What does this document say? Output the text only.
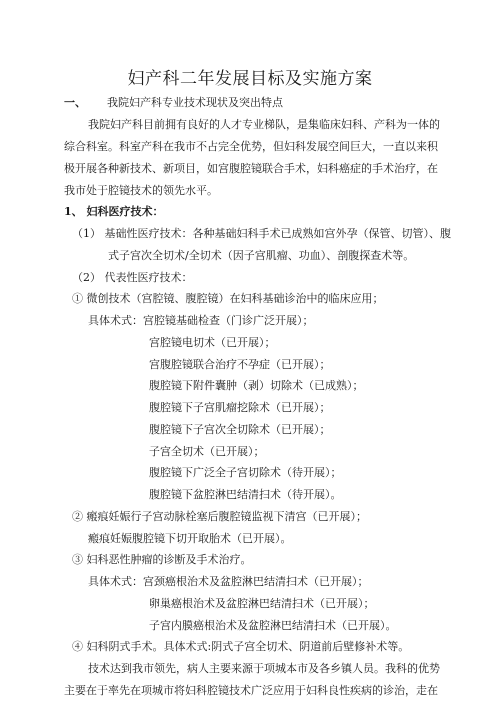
妇产科二年发展目标及实施方案
一、 我院妇产科专业技术现状及突出特点
我院妇产科目前拥有良好的人才专业梯队，是集临床妇科、产科为一体的
综合科室。科室产科在我市不占完全优势，但妇科发展空间巨大，一直以来积
极开展各种新技术、新项目，如宫腹腔镜联合手术，妇科癌症的手术治疗，在
我市处于腔镜技术的领先水平。
1、 妇科医疗技术：
（1） 基础性医疗技术：各种基础妇科手术已成熟如宫外孕（保管、切管）、腹
式子宫次全切术/全切术（因子宫肌瘤、功血）、剖腹探查术等。
（2） 代表性医疗技术：
① 微创技术（宫腔镜、腹腔镜）在妇科基础诊治中的临床应用；
具体术式：宫腔镜基础检查（门诊广泛开展）；
宫腔镜电切术（已开展）；
宫腹腔镜联合治疗不孕症（已开展）；
腹腔镜下附件囊肿（剥）切除术（已成熟）；
腹腔镜下子宫肌瘤挖除术（已开展）；
腹腔镜下子宫次全切除术（已开展）；
子宫全切术（已开展）；
腹腔镜下广泛全子宫切除术（待开展）；
腹腔镜下盆腔淋巴结清扫术（待开展）。
② 瘢痕妊娠行子宫动脉栓塞后腹腔镜监视下清宫（已开展）；
瘢痕妊娠腹腔镜下切开取胎术（已开展）。
③ 妇科恶性肿瘤的诊断及手术治疗。
具体术式：宫颈癌根治术及盆腔淋巴结清扫术（已开展）；
卵巢癌根治术及盆腔淋巴结清扫术（已开展）；
子宫内膜癌根治术及盆腔淋巴结清扫术（已开展）。
④ 妇科阴式手术。具体术式:阴式子宫全切术、阴道前后壁修补术等。
技术达到我市领先，病人主要来源于项城本市及各乡镇人员。我科的优势
主要在于率先在项城市将妇科腔镜技术广泛应用于妇科良性疾病的诊治，走在
